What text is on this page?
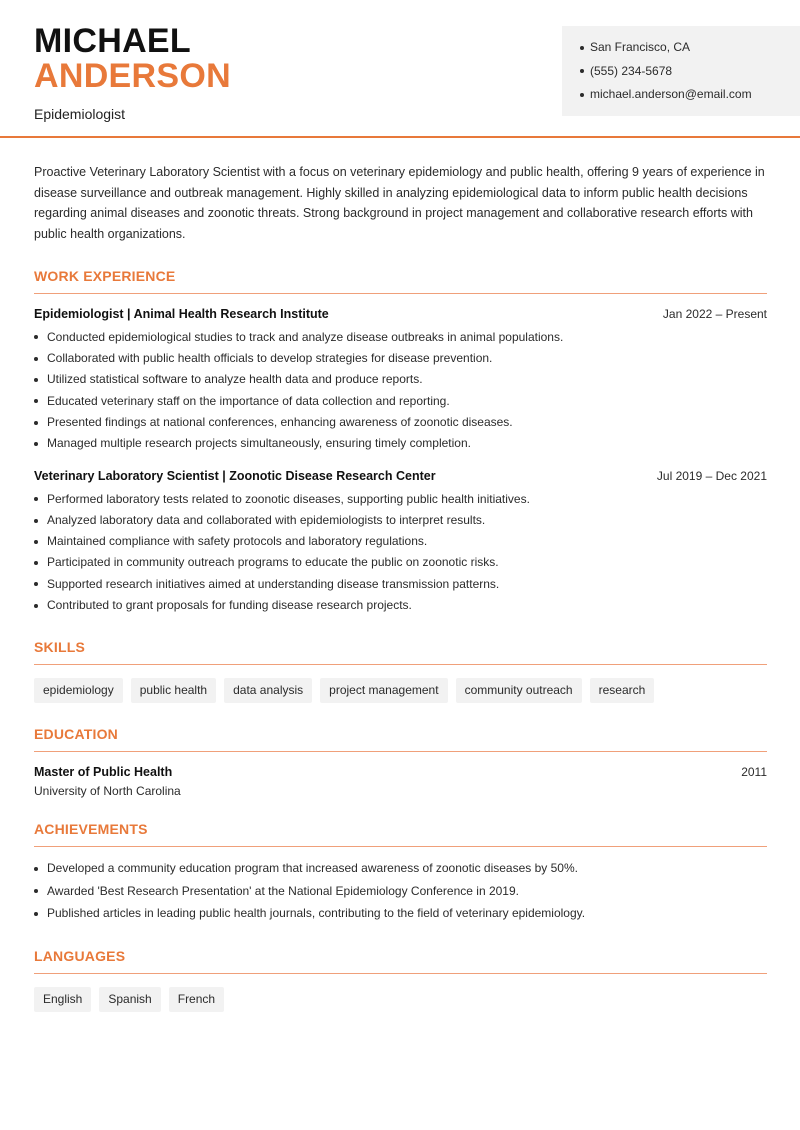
MICHAEL
ANDERSON
Epidemiologist
San Francisco, CA
(555) 234-5678
michael.anderson@email.com

Proactive Veterinary Laboratory Scientist with a focus on veterinary epidemiology and public health, offering 9 years of experience in disease surveillance and outbreak management. Highly skilled in analyzing epidemiological data to inform public health decisions regarding animal diseases and zoonotic threats. Strong background in project management and collaborative research efforts with public health organizations.

WORK EXPERIENCE
Epidemiologist | Animal Health Research Institute	Jan 2022 – Present
Conducted epidemiological studies to track and analyze disease outbreaks in animal populations.
Collaborated with public health officials to develop strategies for disease prevention.
Utilized statistical software to analyze health data and produce reports.
Educated veterinary staff on the importance of data collection and reporting.
Presented findings at national conferences, enhancing awareness of zoonotic diseases.
Managed multiple research projects simultaneously, ensuring timely completion.
Veterinary Laboratory Scientist | Zoonotic Disease Research Center	Jul 2019 – Dec 2021
Performed laboratory tests related to zoonotic diseases, supporting public health initiatives.
Analyzed laboratory data and collaborated with epidemiologists to interpret results.
Maintained compliance with safety protocols and laboratory regulations.
Participated in community outreach programs to educate the public on zoonotic risks.
Supported research initiatives aimed at understanding disease transmission patterns.
Contributed to grant proposals for funding disease research projects.
SKILLS
epidemiology	public health	data analysis	project management	community outreach	research
EDUCATION
Master of Public Health	2011
University of North Carolina
ACHIEVEMENTS
Developed a community education program that increased awareness of zoonotic diseases by 50%.
Awarded 'Best Research Presentation' at the National Epidemiology Conference in 2019.
Published articles in leading public health journals, contributing to the field of veterinary epidemiology.
LANGUAGES
English	Spanish	French
